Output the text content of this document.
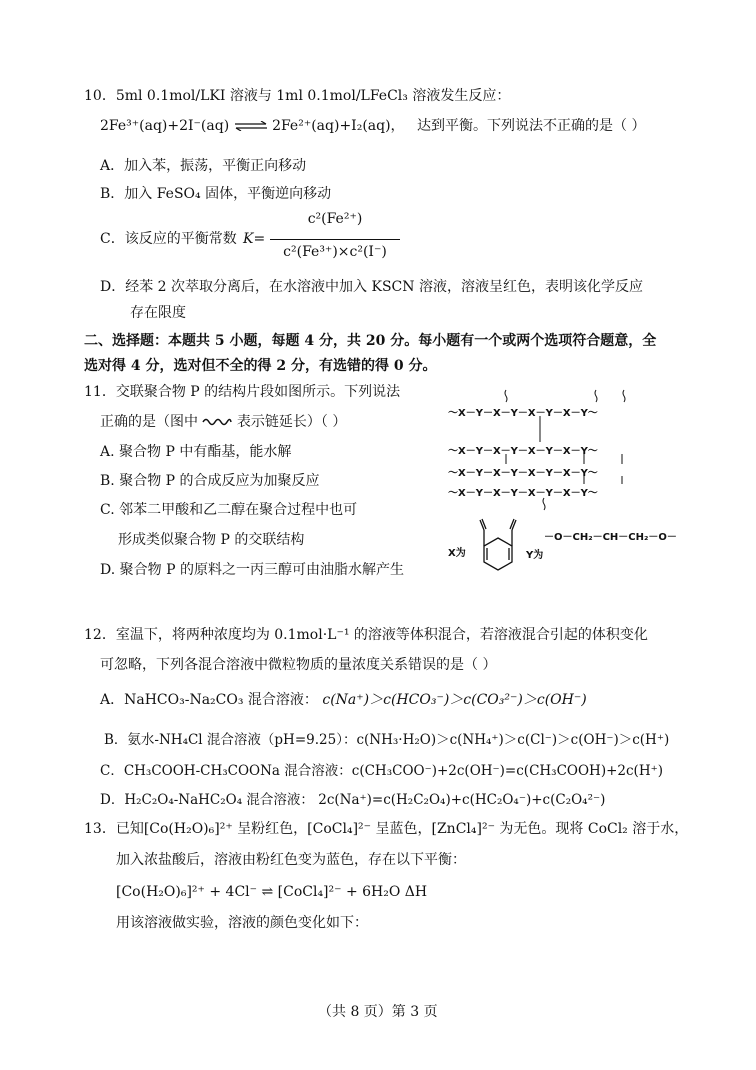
10．5ml 0.1mol/LKI 溶液与 1ml 0.1mol/LFeCl₃ 溶液发生反应：
2Fe³⁺(aq)+2I⁻(aq) ⇌ 2Fe²⁺(aq)+I₂(aq)， 达到平衡。下列说法不正确的是（ ）
A．加入苯，振荡，平衡正向移动
B．加入 FeSO₄ 固体，平衡逆向移动
C．该反应的平衡常数 K=
c²(Fe²⁺)
c²(Fe³⁺)×c²(I⁻)
D．经苯 2 次萃取分离后，在水溶液中加入 KSCN 溶液，溶液呈红色，表明该化学反应
存在限度
二、选择题：本题共 5 小题，每题 4 分，共 20 分。每小题有一个或两个选项符合题意，全
选对得 4 分，选对但不全的得 2 分，有选错的得 0 分。
11．交联聚合物 P 的结构片段如图所示。下列说法
正确的是（图中	表示链延长）（ ）
A. 聚合物 P 中有酯基，能水解
B. 聚合物 P 的合成反应为加聚反应
C. 邻苯二甲酸和乙二醇在聚合过程中也可
形成类似聚合物 P 的交联结构
D. 聚合物 P 的原料之一丙三醇可由油脂水解产生
～X－Y－X－Y－X－Y－X－Y～
～X－Y－X－Y－X－Y－X－Y～
～X－Y－X－Y－X－Y－X－Y～
～X－Y－X－Y－X－Y－X－Y～
X为	Y为
－O－CH₂－CH－CH₂－O－
12．室温下，将两种浓度均为 0.1mol·L⁻¹ 的溶液等体积混合，若溶液混合引起的体积变化
可忽略，下列各混合溶液中微粒物质的量浓度关系错误的是（ ）
A．NaHCO₃-Na₂CO₃ 混合溶液： c(Na⁺)＞c(HCO₃⁻)＞c(CO₃²⁻)＞c(OH⁻)
B．氨水-NH₄Cl 混合溶液（pH=9.25）：c(NH₃·H₂O)＞c(NH₄⁺)＞c(Cl⁻)＞c(OH⁻)＞c(H⁺)
C．CH₃COOH-CH₃COONa 混合溶液：c(CH₃COO⁻)+2c(OH⁻)=c(CH₃COOH)+2c(H⁺)
D．H₂C₂O₄-NaHC₂O₄ 混合溶液： 2c(Na⁺)=c(H₂C₂O₄)+c(HC₂O₄⁻)+c(C₂O₄²⁻)
13．已知[Co(H₂O)₆]²⁺ 呈粉红色，[CoCl₄]²⁻ 呈蓝色，[ZnCl₄]²⁻ 为无色。现将 CoCl₂ 溶于水，
加入浓盐酸后，溶液由粉红色变为蓝色，存在以下平衡：
[Co(H₂O)₆]²⁺ + 4Cl⁻ ⇌ [CoCl₄]²⁻ + 6H₂O ΔH
用该溶液做实验，溶液的颜色变化如下：
（共 8 页）第 3 页
